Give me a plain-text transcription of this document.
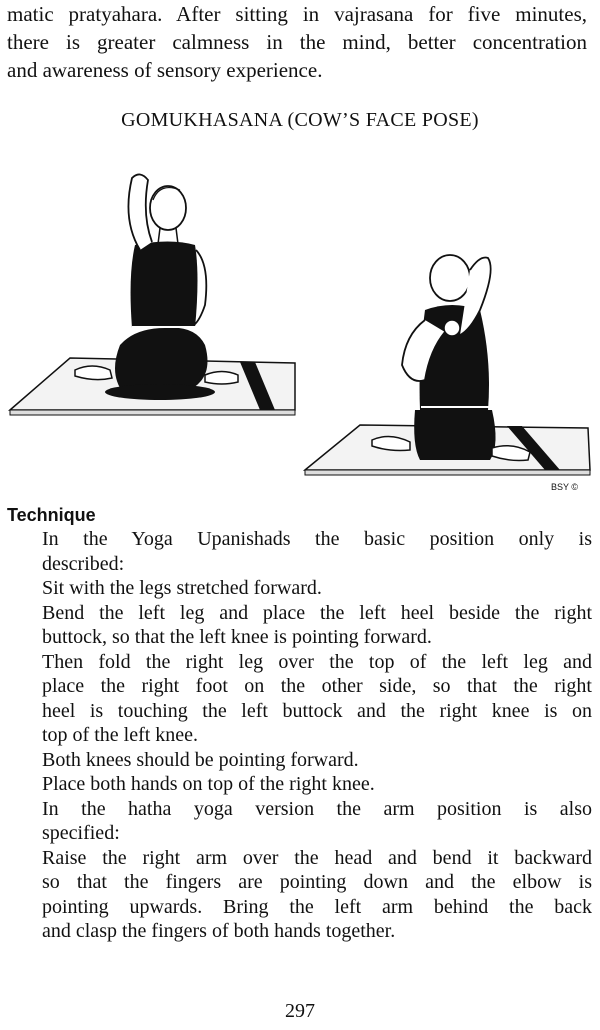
matic pratyahara. After sitting in vajrasana for five minutes,
there is greater calmness in the mind, better concentration
and awareness of sensory experience.
GOMUKHASANA (COW’S FACE POSE)
BSY ©
Technique

In the Yoga Upanishads the basic position only is
described:

Sit with the legs stretched forward.

Bend the left leg and place the left heel beside the right
buttock, so that the left knee is pointing forward.

Then fold the right leg over the top of the left leg and
place the right foot on the other side, so that the right
heel is touching the left buttock and the right knee is on
top of the left knee.

Both knees should be pointing forward.

Place both hands on top of the right knee.

In the hatha yoga version the arm position is also
specified:

Raise the right arm over the head and bend it backward
so that the fingers are pointing down and the elbow is
pointing upwards. Bring the left arm behind the back
and clasp the fingers of both hands together.

297
